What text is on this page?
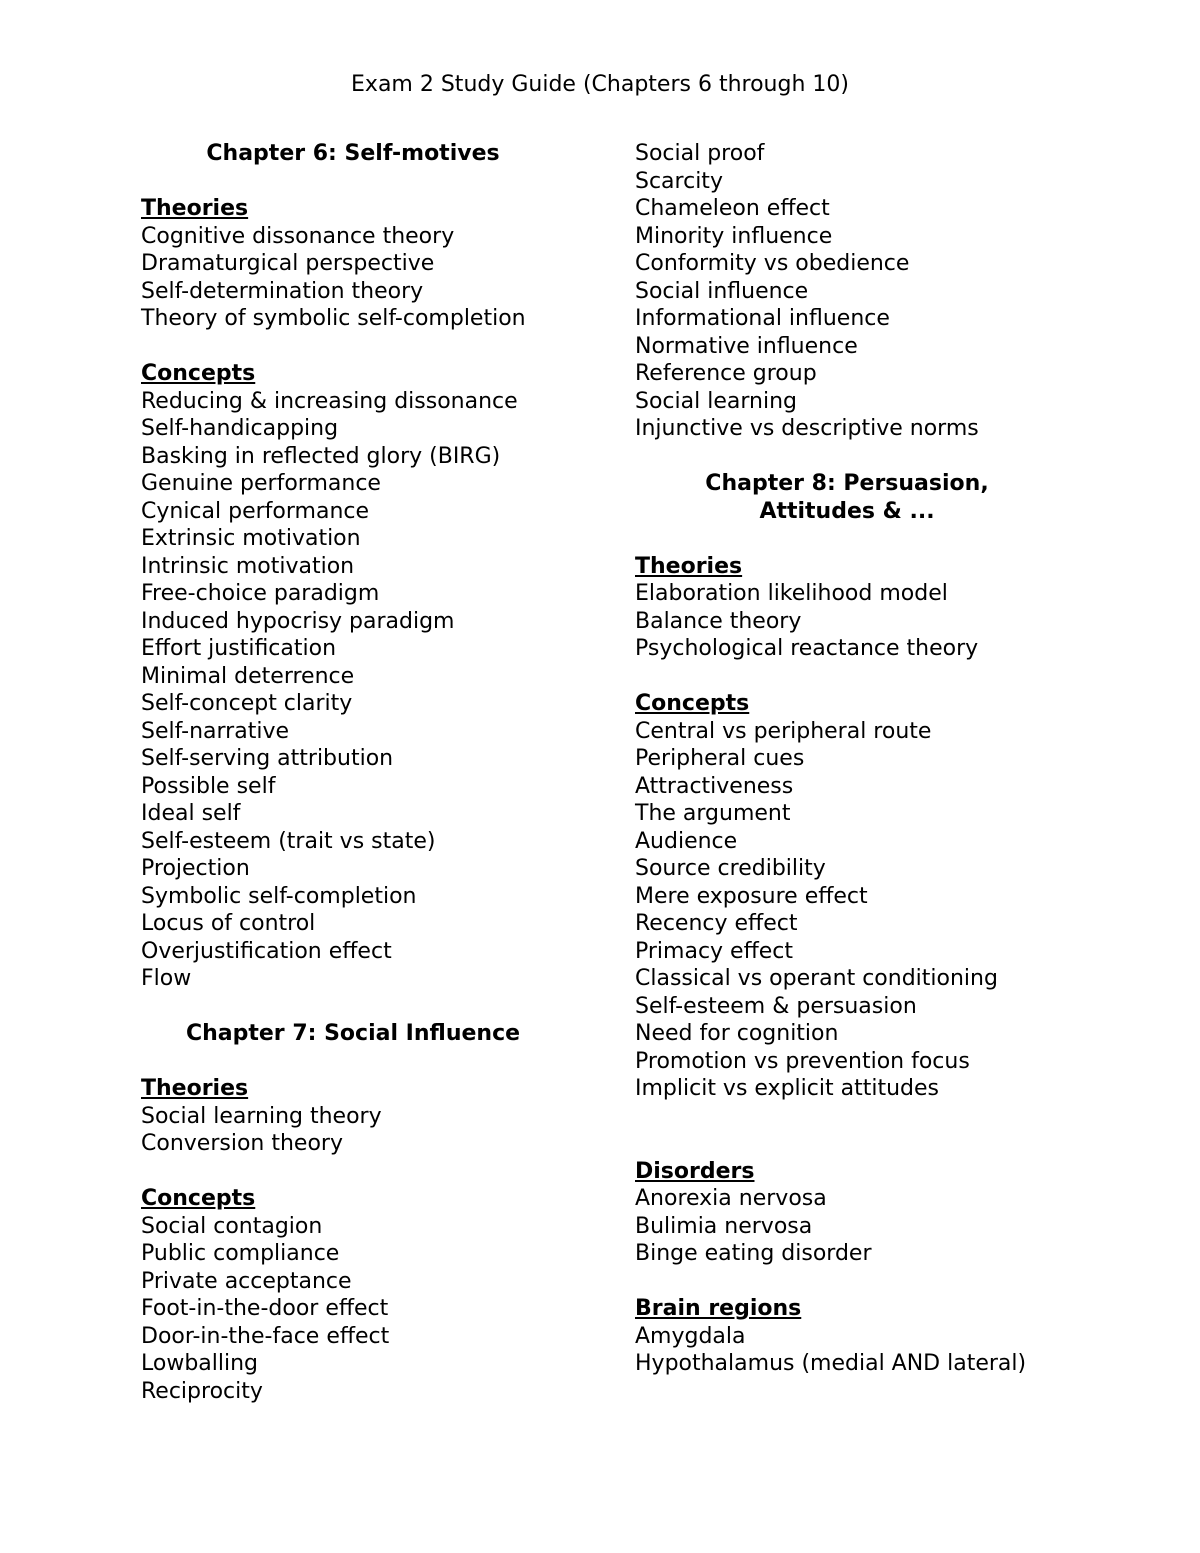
Exam 2 Study Guide (Chapters 6 through 10)
Chapter 6: Self-motives
Theories
Cognitive dissonance theory
Dramaturgical perspective
Self-determination theory
Theory of symbolic self-completion
Concepts
Reducing & increasing dissonance
Self-handicapping
Basking in reflected glory (BIRG)
Genuine performance
Cynical performance
Extrinsic motivation
Intrinsic motivation
Free-choice paradigm
Induced hypocrisy paradigm
Effort justification
Minimal deterrence
Self-concept clarity
Self-narrative
Self-serving attribution
Possible self
Ideal self
Self-esteem (trait vs state)
Projection
Symbolic self-completion
Locus of control
Overjustification effect
Flow
Chapter 7: Social Influence
Theories
Social learning theory
Conversion theory
Concepts
Social contagion
Public compliance
Private acceptance
Foot-in-the-door effect
Door-in-the-face effect
Lowballing
Reciprocity
Social proof
Scarcity
Chameleon effect
Minority influence
Conformity vs obedience
Social influence
Informational influence
Normative influence
Reference group
Social learning
Injunctive vs descriptive norms
Chapter 8: Persuasion,
Attitudes & ...
Theories
Elaboration likelihood model
Balance theory
Psychological reactance theory
Concepts
Central vs peripheral route
Peripheral cues
Attractiveness
The argument
Audience
Source credibility
Mere exposure effect
Recency effect
Primacy effect
Classical vs operant conditioning
Self-esteem & persuasion
Need for cognition
Promotion vs prevention focus
Implicit vs explicit attitudes
Disorders
Anorexia nervosa
Bulimia nervosa
Binge eating disorder
Brain regions
Amygdala
Hypothalamus (medial AND lateral)
